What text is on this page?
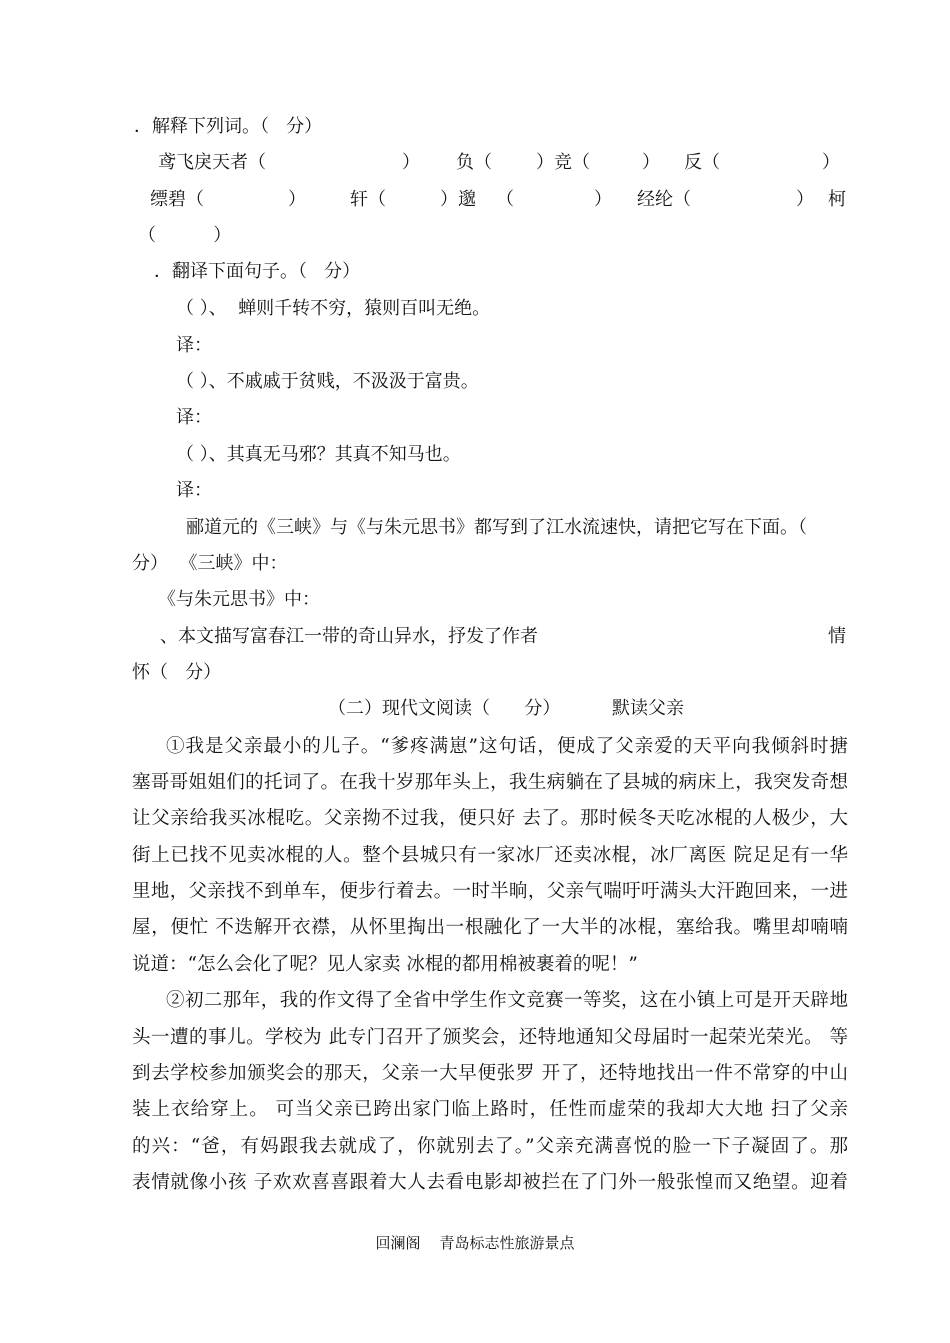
．解释下列词。（   分）
鸢飞戾天者（	） 负（ ）竞（	） 反（	）
缥碧（	） 轩（	）邈 （	） 经纶（	） 柯
（          ）
．翻译下面句子。（   分）
（ ）、  蝉则千转不穷，猿则百叫无绝。
译：
（ ）、不戚戚于贫贱，不汲汲于富贵。
译：
（ ）、其真无马邪？其真不知马也。
译：
郦道元的《三峡》与《与朱元思书》都写到了江水流速快，请把它写在下面。（
分）  《三峡》中：
《与朱元思书》中：
、本文描写富春江一带的奇山异水，抒发了作者	情
怀（   分）
（二）现代文阅读（      分）	默读父亲
①我是父亲最小的儿子。“爹疼满崽”这句话，便成了父亲爱的天平向我倾斜时搪
塞哥哥姐姐们的托词了。在我十岁那年头上，我生病躺在了县城的病床上，我突发奇想
让父亲给我买冰棍吃。父亲拗不过我，便只好 去了。那时候冬天吃冰棍的人极少，大
街上已找不见卖冰棍的人。整个县城只有一家冰厂还卖冰棍，冰厂离医 院足足有一华
里地，父亲找不到单车，便步行着去。一时半晌，父亲气喘吁吁满头大汗跑回来，一进
屋，便忙 不迭解开衣襟，从怀里掏出一根融化了一大半的冰棍，塞给我。嘴里却喃喃
说道：“怎么会化了呢？见人家卖 冰棍的都用棉被裹着的呢！”
②初二那年，我的作文得了全省中学生作文竞赛一等奖，这在小镇上可是开天辟地
头一遭的事儿。学校为 此专门召开了颁奖会，还特地通知父母届时一起荣光荣光。 等
到去学校参加颁奖会的那天，父亲一大早便张罗 开了，还特地找出一件不常穿的中山
装上衣给穿上。 可当父亲已跨出家门临上路时，任性而虚荣的我却大大地 扫了父亲
的兴：“爸，有妈跟我去就成了，你就别去了。”父亲充满喜悦的脸一下子凝固了。那
表情就像小孩 子欢欢喜喜跟着大人去看电影却被拦在了门外一般张惶而又绝望。迎着
回澜阁    青岛标志性旅游景点
